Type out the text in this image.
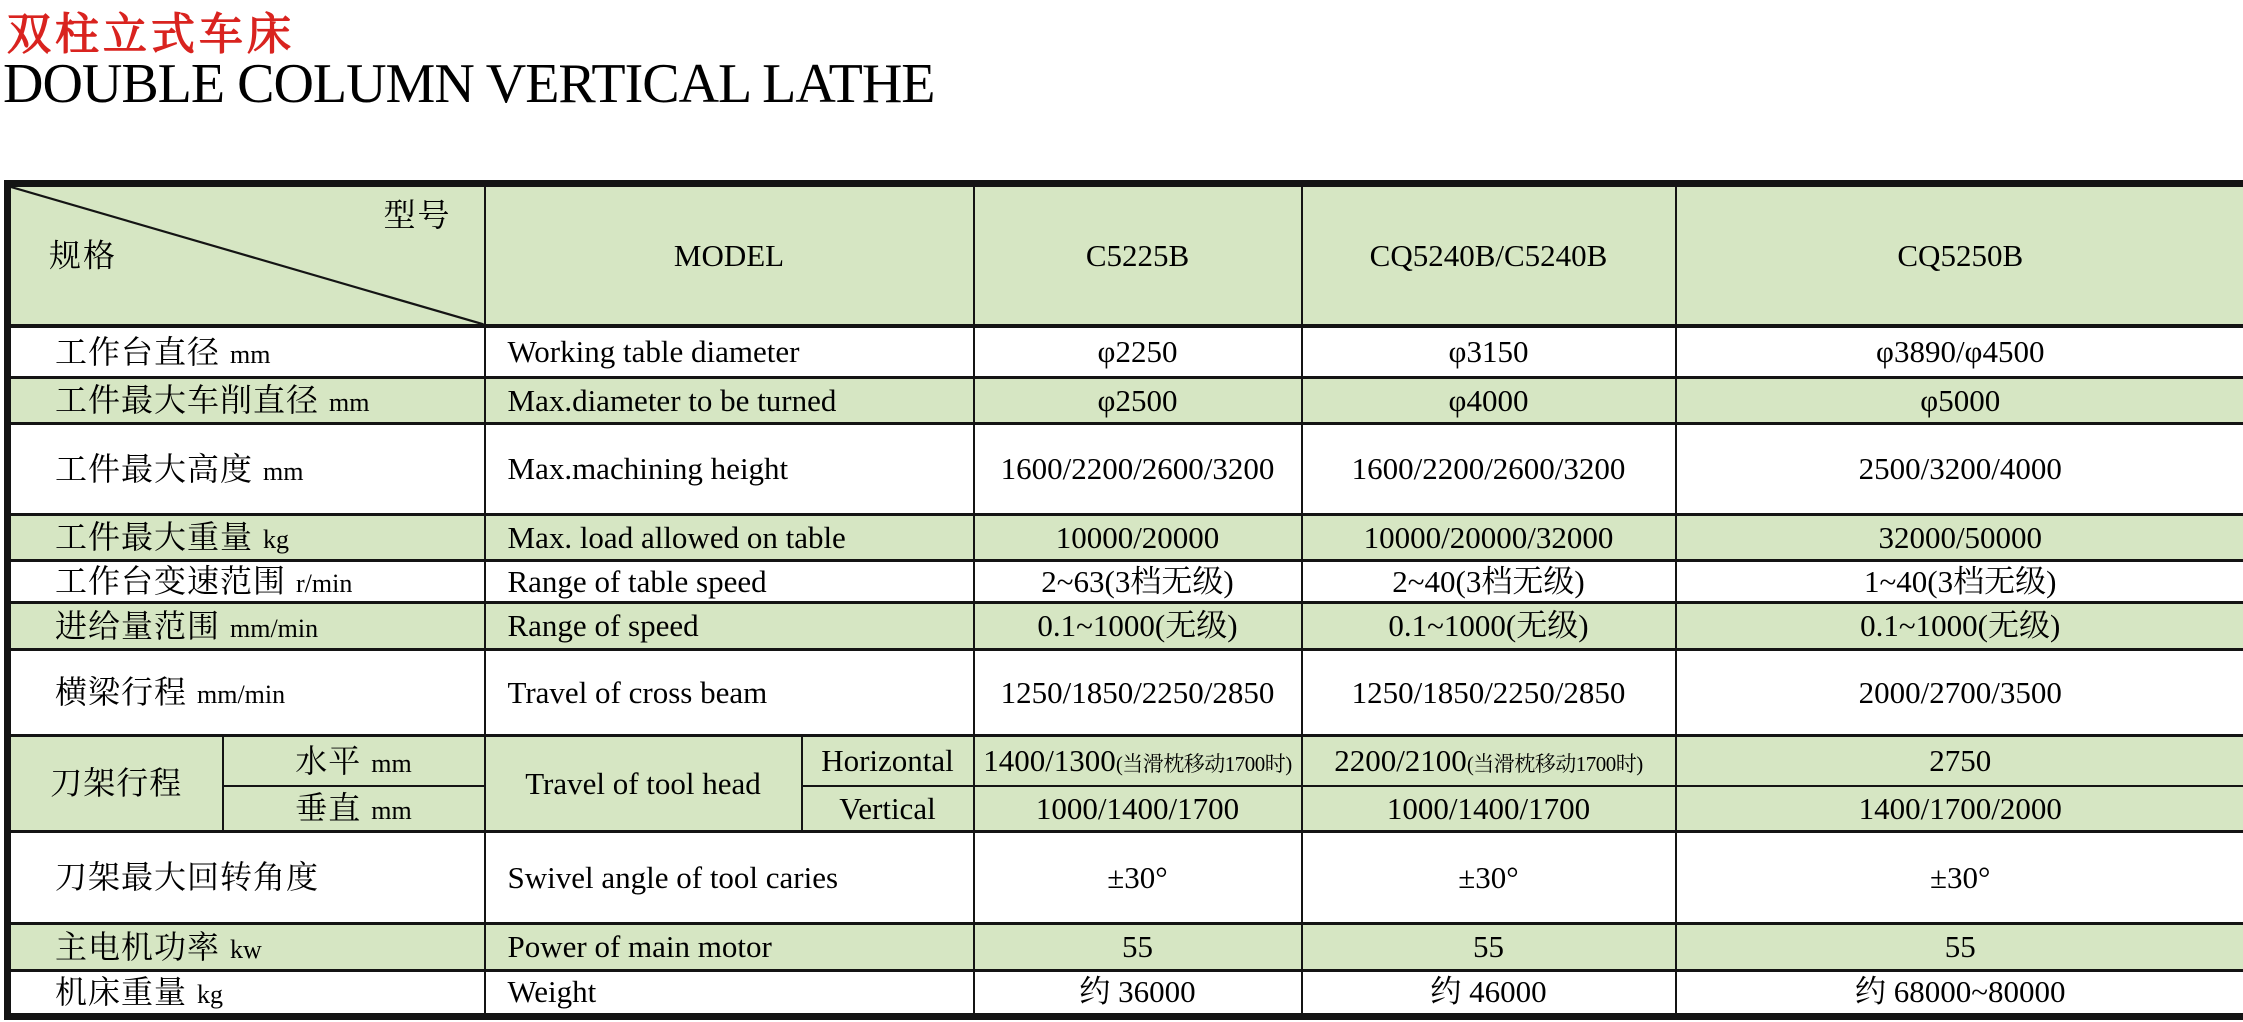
双柱立式车床
DOUBLE COLUMN VERTICAL LATHE
型号
规格		MODEL		C5225B	CQ5240B/C5240B	CQ5250B
工作台直径 mm		Working table diameter		φ2250	φ3150	φ3890/φ4500
工件最大车削直径 mm		Max.diameter to be turned		φ2500	φ4000	φ5000
工件最大高度 mm		Max.machining height		1600/2200/2600/3200	1600/2200/2600/3200	2500/3200/4000
工件最大重量 kg		Max. load allowed on table		10000/20000	10000/20000/32000	32000/50000
工作台变速范围 r/min		Range of table speed		2~63(3档无级)	2~40(3档无级)	1~40(3档无级)
进给量范围 mm/min		Range of speed		0.1~1000(无级)	0.1~1000(无级)	0.1~1000(无级)
横梁行程 mm/min		Travel of cross beam		1250/1850/2250/2850	1250/1850/2250/2850	2000/2700/3500
刀架行程	水平 mm	Travel of tool head	Horizontal	1400/1300(当滑枕移动1700时)	2200/2100(当滑枕移动1700时)	2750
	垂直 mm		Vertical	1000/1400/1700	1000/1400/1700	1400/1700/2000
刀架最大回转角度		Swivel angle of tool caries		±30°	±30°	±30°
主电机功率 kw		Power of main motor		55	55	55
机床重量 kg		Weight		约 36000	约 46000	约 68000~80000
